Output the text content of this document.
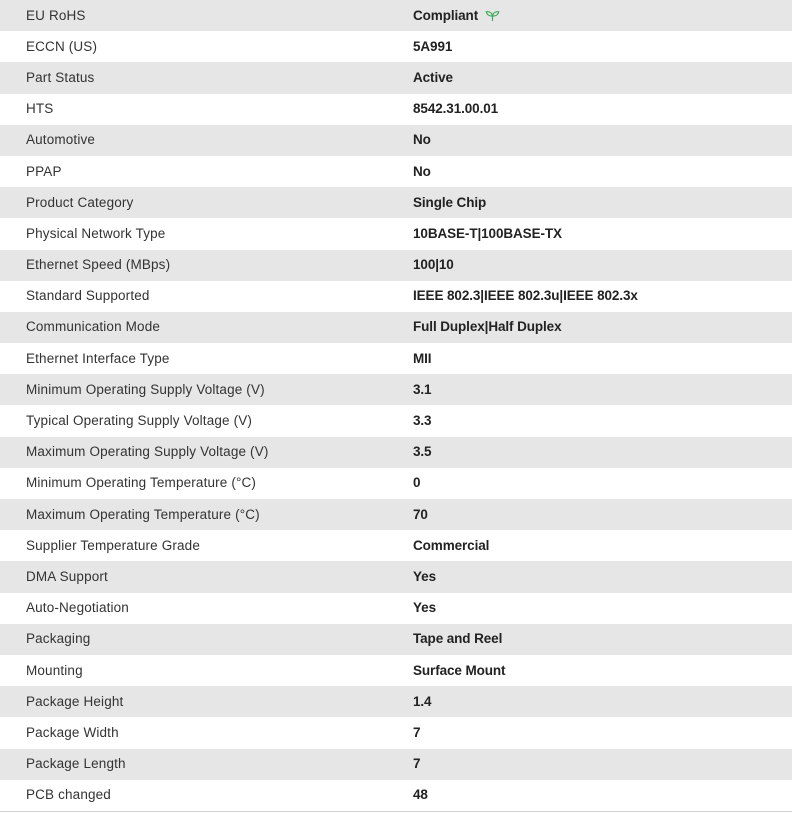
EU RoHS	Compliant
ECCN (US)	5A991
Part Status	Active
HTS	8542.31.00.01
Automotive	No
PPAP	No
Product Category	Single Chip
Physical Network Type	10BASE-T|100BASE-TX
Ethernet Speed (MBps)	100|10
Standard Supported	IEEE 802.3|IEEE 802.3u|IEEE 802.3x
Communication Mode	Full Duplex|Half Duplex
Ethernet Interface Type	MII
Minimum Operating Supply Voltage (V)	3.1
Typical Operating Supply Voltage (V)	3.3
Maximum Operating Supply Voltage (V)	3.5
Minimum Operating Temperature (°C)	0
Maximum Operating Temperature (°C)	70
Supplier Temperature Grade	Commercial
DMA Support	Yes
Auto-Negotiation	Yes
Packaging	Tape and Reel
Mounting	Surface Mount
Package Height	1.4
Package Width	7
Package Length	7
PCB changed	48
